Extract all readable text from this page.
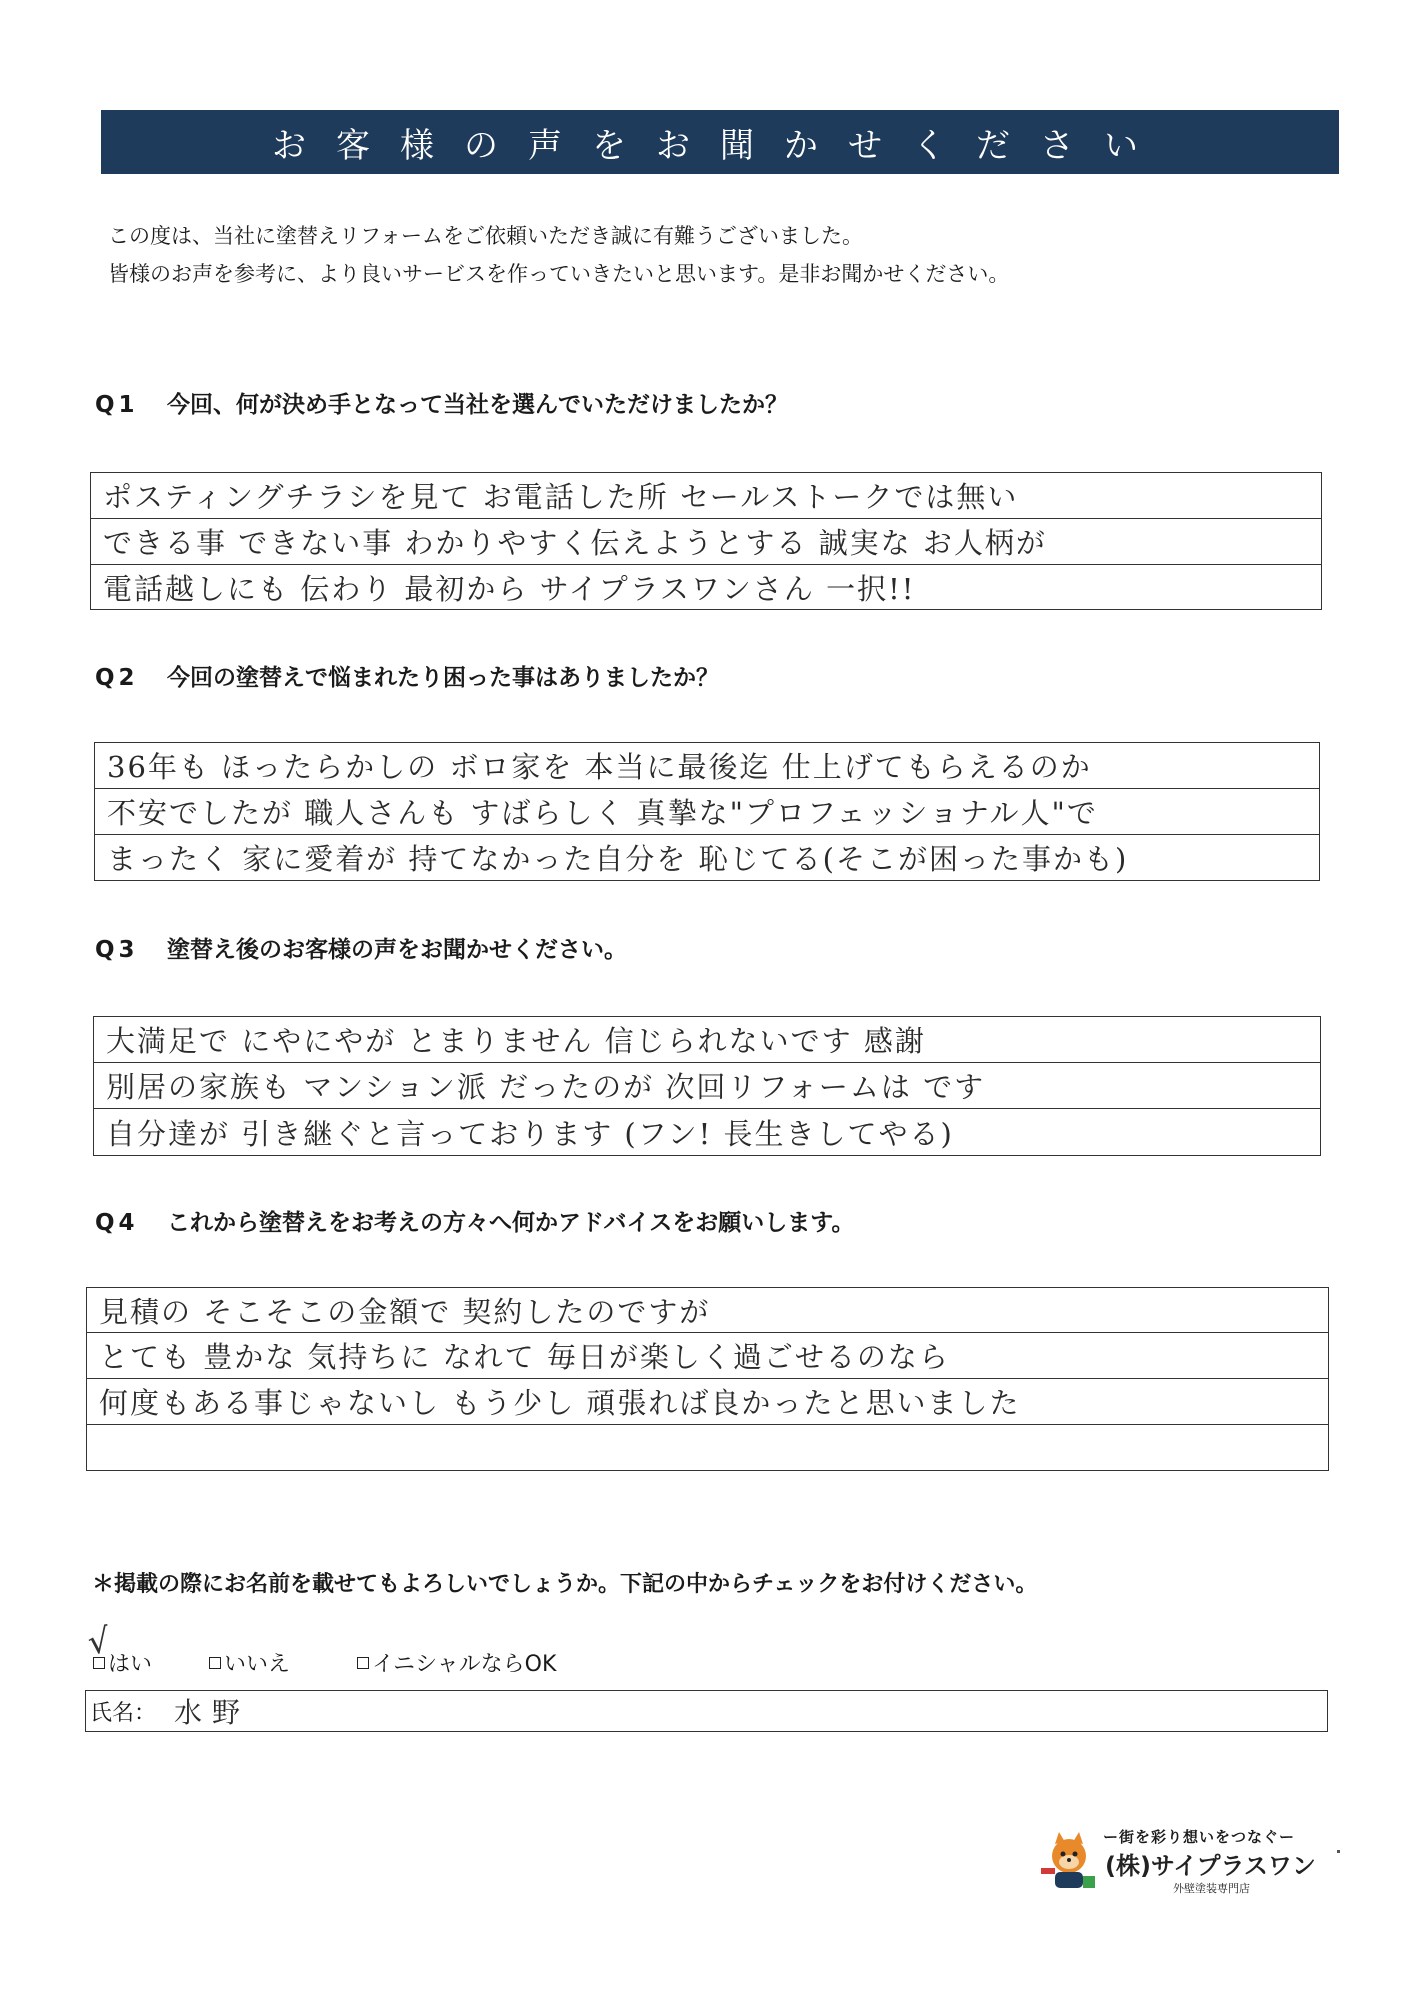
お客様の声をお聞かせください
この度は、当社に塗替えリフォームをご依頼いただき誠に有難うございました。
皆様のお声を参考に、より良いサービスを作っていきたいと思います。是非お聞かせください。
Q1 今回、何が決め手となって当社を選んでいただけましたか？
ポスティングチラシを見て お電話した所 セールストークでは無い
できる事 できない事 わかりやすく伝えようとする 誠実な お人柄が
電話越しにも 伝わり 最初から サイプラスワンさん 一択!!
Q2 今回の塗替えで悩まれたり困った事はありましたか？
36年も ほったらかしの ボロ家を 本当に最後迄 仕上げてもらえるのか
不安でしたが 職人さんも すばらしく 真摯な"プロフェッショナル人"で
まったく 家に愛着が 持てなかった自分を 恥じてる(そこが困った事かも)
Q3 塗替え後のお客様の声をお聞かせください。
大満足で にやにやが とまりません 信じられないです 感謝
別居の家族も マンション派 だったのが 次回リフォームは です
自分達が 引き継ぐと言っております (フン! 長生きしてやる)
Q4 これから塗替えをお考えの方々へ何かアドバイスをお願いします。
見積の そこそこの金額で 契約したのですが
とても 豊かな 気持ちに なれて 毎日が楽しく過ごせるのなら
何度もある事じゃないし もう少し 頑張れば良かったと思いました
＊掲載の際にお名前を載せてもよろしいでしょうか。下記の中からチェックをお付けください。
√
はい	いいえ	イニシャルならOK
氏名： 水野
ー街を彩り想いをつなぐー
(株)サイプラスワン
外壁塗装専門店
